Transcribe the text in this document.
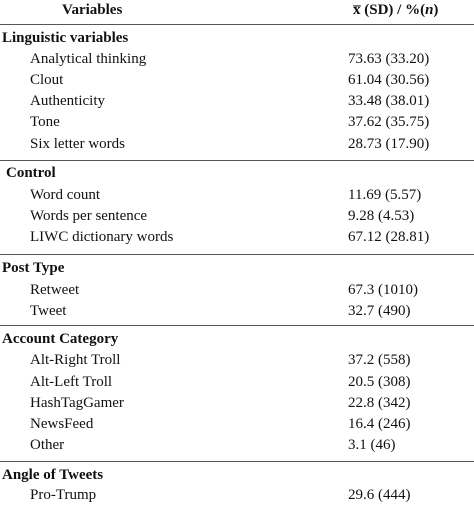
Variables	x̅ (SD) / %(n)
Linguistic variables
Analytical thinking	73.63 (33.20)
Clout	61.04 (30.56)
Authenticity	33.48 (38.01)
Tone	37.62 (35.75)
Six letter words	28.73 (17.90)
Control
Word count	11.69 (5.57)
Words per sentence	9.28 (4.53)
LIWC dictionary words	67.12 (28.81)
Post Type
Retweet	67.3 (1010)
Tweet	32.7 (490)
Account Category
Alt-Right Troll	37.2 (558)
Alt-Left Troll	20.5 (308)
HashTagGamer	22.8 (342)
NewsFeed	16.4 (246)
Other	3.1 (46)
Angle of Tweets
Pro-Trump	29.6 (444)
